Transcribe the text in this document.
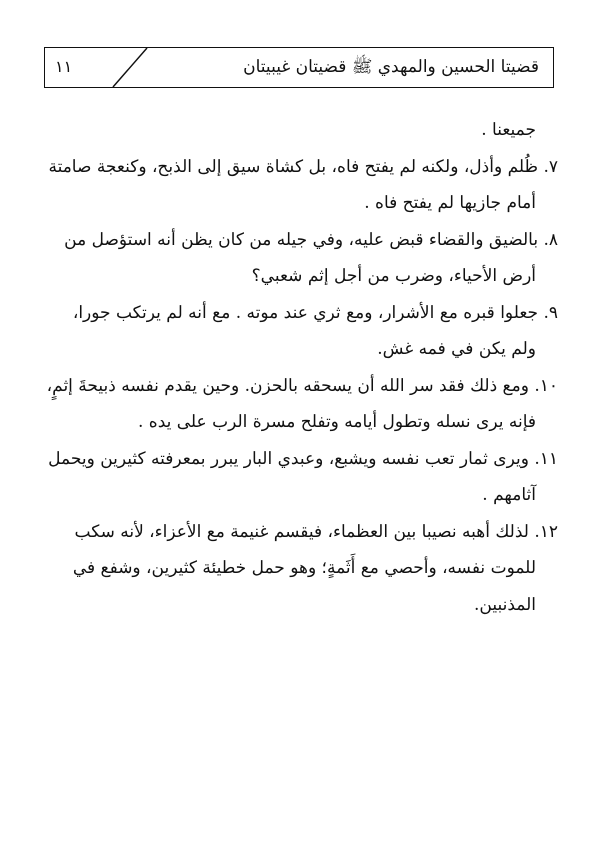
قضيتا الحسين والمهدي ﷺ قضيتان غيبيتان
١١
جميعنا .
٧. ظُلم وأذل، ولكنه لم يفتح فاه، بل كشاة سيق إلى الذبح، وكنعجة صامتة
أمام جازيها لم يفتح فاه .
٨. بالضيق والقضاء قبض عليه، وفي جيله من كان يظن أنه استؤصل من
أرض الأحياء، وضرب من أجل إثم شعبي؟
٩. جعلوا قبره مع الأشرار، ومع ثري عند موته . مع أنه لم يرتكب جورا،
ولم يكن في فمه غش.
١٠. ومع ذلك فقد سر الله أن يسحقه بالحزن. وحين يقدم نفسه ذبيحةَ إثمٍ،
فإنه يرى نسله وتطول أيامه وتفلح مسرة الرب على يده .
١١. ويرى ثمار تعب نفسه ويشبع، وعبدي البار يبرر بمعرفته كثيرين ويحمل
آثامهم .
١٢. لذلك أهبه نصيبا بين العظماء، فيقسم غنيمة مع الأعزاء، لأنه سكب
للموت نفسه، وأحصي مع أَثَمةٍ؛ وهو حمل خطيئة كثيرين، وشفع في
المذنبين.
